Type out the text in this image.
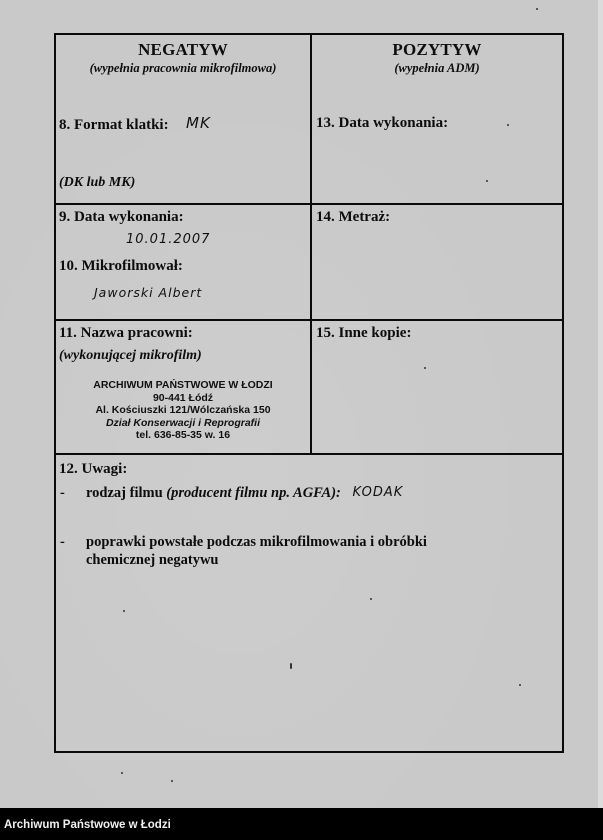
NEGATYW
(wypełnia pracownia mikrofilmowa)
8. Format klatki: MK
(DK lub MK)
POZYTYW
(wypełnia ADM)
13. Data wykonania:
9. Data wykonania:
10.01.2007
10. Mikrofilmował:
Jaworski Albert
14. Metraż:
11. Nazwa pracowni:
(wykonującej mikrofilm)
ARCHIWUM PAŃSTWOWE W ŁODZI
90-441 Łódź
Al. Kościuszki 121/Wólczańska 150
Dział Konserwacji i Reprografii
tel. 636-85-35 w. 16
15. Inne kopie:
12. Uwagi:
- rodzaj filmu (producent filmu np. AGFA): KODAK
- poprawki powstałe podczas mikrofilmowania i obróbki
chemicznej negatywu
Archiwum Państwowe w Łodzi
